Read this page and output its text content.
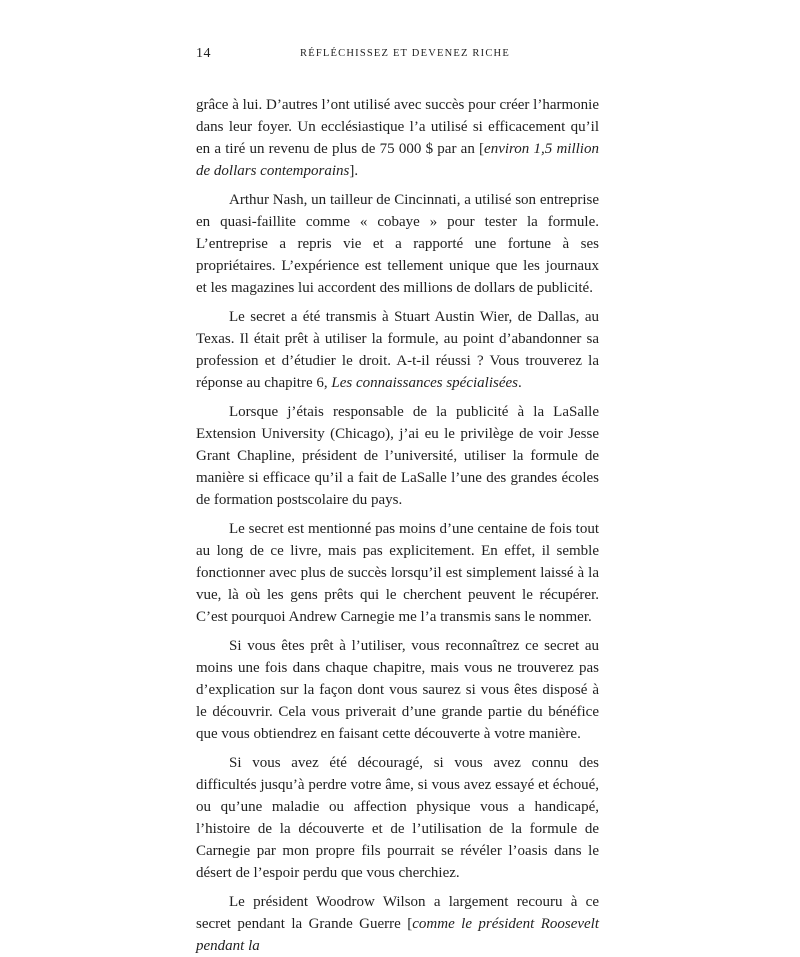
14	RÉFLÉCHISSEZ ET DEVENEZ RICHE

grâce à lui. D’autres l’ont utilisé avec succès pour créer l’harmonie dans leur foyer. Un ecclésiastique l’a utilisé si efficacement qu’il en a tiré un revenu de plus de 75 000 $ par an [environ 1,5 million de dollars contemporains].

Arthur Nash, un tailleur de Cincinnati, a utilisé son entreprise en quasi-faillite comme « cobaye » pour tester la formule. L’entreprise a repris vie et a rapporté une fortune à ses propriétaires. L’expérience est tellement unique que les journaux et les magazines lui accordent des millions de dollars de publicité.

Le secret a été transmis à Stuart Austin Wier, de Dallas, au Texas. Il était prêt à utiliser la formule, au point d’abandonner sa profession et d’étudier le droit. A-t-il réussi ? Vous trouverez la réponse au chapitre 6, Les connaissances spécialisées.

Lorsque j’étais responsable de la publicité à la LaSalle Extension University (Chicago), j’ai eu le privilège de voir Jesse Grant Chapline, président de l’université, utiliser la formule de manière si efficace qu’il a fait de LaSalle l’une des grandes écoles de formation postscolaire du pays.

Le secret est mentionné pas moins d’une centaine de fois tout au long de ce livre, mais pas explicitement. En effet, il semble fonctionner avec plus de succès lorsqu’il est simplement laissé à la vue, là où les gens prêts qui le cherchent peuvent le récupérer. C’est pourquoi Andrew Carnegie me l’a transmis sans le nommer.

Si vous êtes prêt à l’utiliser, vous reconnaîtrez ce secret au moins une fois dans chaque chapitre, mais vous ne trouverez pas d’explication sur la façon dont vous saurez si vous êtes disposé à le découvrir. Cela vous priverait d’une grande partie du bénéfice que vous obtiendrez en faisant cette découverte à votre manière.

Si vous avez été découragé, si vous avez connu des difficultés jusqu’à perdre votre âme, si vous avez essayé et échoué, ou qu’une maladie ou affection physique vous a handicapé, l’histoire de la découverte et de l’utilisation de la formule de Carnegie par mon propre fils pourrait se révéler l’oasis dans le désert de l’espoir perdu que vous cherchiez.

Le président Woodrow Wilson a largement recouru à ce secret pendant la Grande Guerre [comme le président Roosevelt pendant la
